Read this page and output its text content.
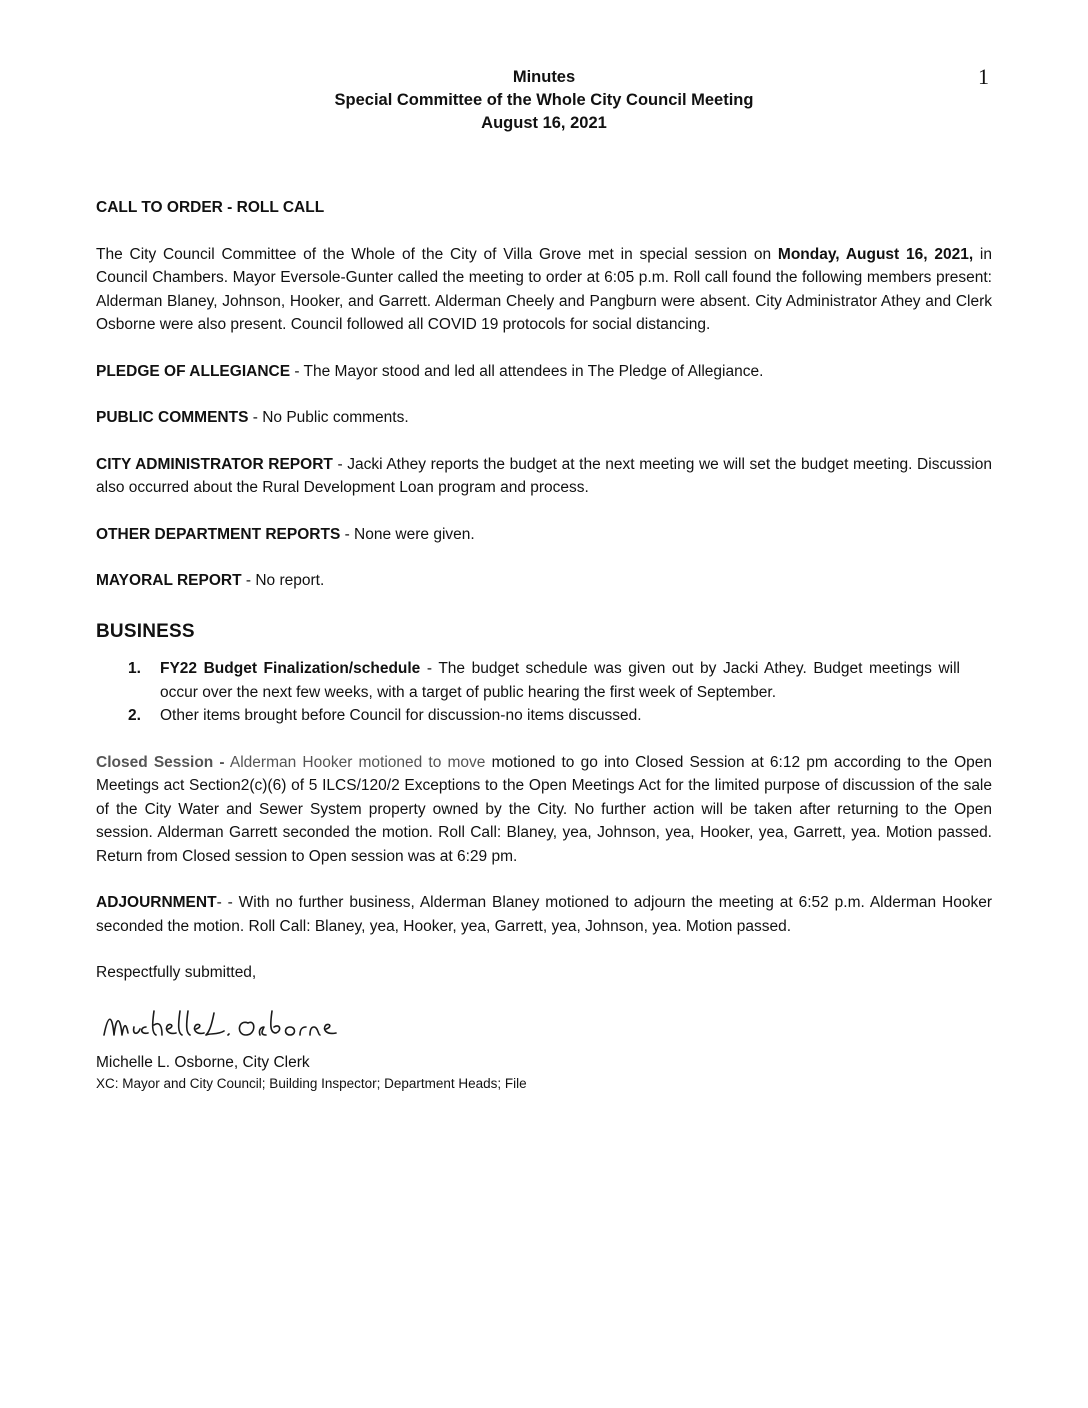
1
Minutes
Special Committee of the Whole City Council Meeting
August 16, 2021

CALL TO ORDER - ROLL CALL

The City Council Committee of the Whole of the City of Villa Grove met in special session on Monday, August 16, 2021, in Council Chambers. Mayor Eversole-Gunter called the meeting to order at 6:05 p.m. Roll call found the following members present: Alderman Blaney, Johnson, Hooker, and Garrett. Alderman Cheely and Pangburn were absent. City Administrator Athey and Clerk Osborne were also present. Council followed all COVID 19 protocols for social distancing.

PLEDGE OF ALLEGIANCE - The Mayor stood and led all attendees in The Pledge of Allegiance.

PUBLIC COMMENTS - No Public comments.

CITY ADMINISTRATOR REPORT - Jacki Athey reports the budget at the next meeting we will set the budget meeting. Discussion also occurred about the Rural Development Loan program and process.

OTHER DEPARTMENT REPORTS - None were given.

MAYORAL REPORT - No report.

BUSINESS
1. FY22 Budget Finalization/schedule - The budget schedule was given out by Jacki Athey. Budget meetings will occur over the next few weeks, with a target of public hearing the first week of September.
2. Other items brought before Council for discussion-no items discussed.

Closed Session - Alderman Hooker motioned to move motioned to go into Closed Session at 6:12 pm according to the Open Meetings act Section2(c)(6) of 5 ILCS/120/2 Exceptions to the Open Meetings Act for the limited purpose of discussion of the sale of the City Water and Sewer System property owned by the City. No further action will be taken after returning to the Open session. Alderman Garrett seconded the motion. Roll Call: Blaney, yea, Johnson, yea, Hooker, yea, Garrett, yea. Motion passed. Return from Closed session to Open session was at 6:29 pm.

ADJOURNMENT- - With no further business, Alderman Blaney motioned to adjourn the meeting at 6:52 p.m. Alderman Hooker seconded the motion. Roll Call: Blaney, yea, Hooker, yea, Garrett, yea, Johnson, yea. Motion passed.

Respectfully submitted,
Michelle L. Osborne, City Clerk
XC: Mayor and City Council; Building Inspector; Department Heads; File
